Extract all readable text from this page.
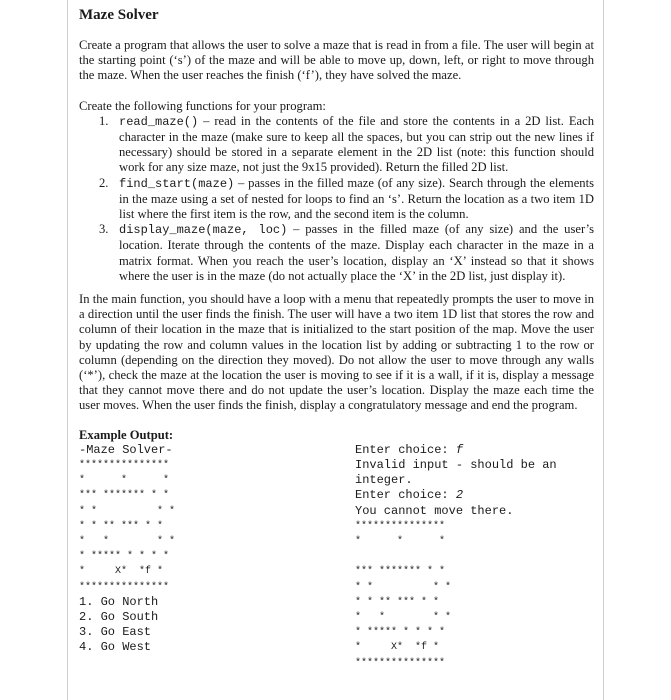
Maze Solver

Create a program that allows the user to solve a maze that is read in from a file. The user will begin at the starting point (‘s’) of the maze and will be able to move up, down, left, or right to move through the maze. When the user reaches the finish (‘f’), they have solved the maze.

Create the following functions for your program:

1. read_maze() – read in the contents of the file and store the contents in a 2D list. Each character in the maze (make sure to keep all the spaces, but you can strip out the new lines if necessary) should be stored in a separate element in the 2D list (note: this function should work for any size maze, not just the 9x15 provided). Return the filled 2D list.
2. find_start(maze) – passes in the filled maze (of any size). Search through the elements in the maze using a set of nested for loops to find an ‘s’. Return the location as a two item 1D list where the first item is the row, and the second item is the column.
3. display_maze(maze, loc) – passes in the filled maze (of any size) and the user’s location. Iterate through the contents of the maze. Display each character in the maze in a matrix format. When you reach the user’s location, display an ‘X’ instead so that it shows where the user is in the maze (do not actually place the ‘X’ in the 2D list, just display it).

In the main function, you should have a loop with a menu that repeatedly prompts the user to move in a direction until the user finds the finish. The user will have a two item 1D list that stores the row and column of their location in the maze that is initialized to the start position of the map. Move the user by updating the row and column values in the location list by adding or subtracting 1 to the row or column (depending on the direction they moved). Do not allow the user to move through any walls (‘*’), check the maze at the location the user is moving to see if it is a wall, if it is, display a message that they cannot move there and do not update the user’s location. Display the maze each time the user moves. When the user finds the finish, display a congratulatory message and end the program.

Example Output:
-Maze Solver-
***************
*      *      *
*** ******* * *
* *          * *
* * ** *** * *
*   *        * *
* ***** * * * *
*     X*  *f *
***************
1. Go North
2. Go South
3. Go East
4. Go West
Enter choice: f
Invalid input - should be an
integer.
Enter choice: 2
You cannot move there.
***************
*      *      *
*** ******* * *
* *          * *
* * ** *** * *
*   *        * *
* ***** * * * *
*     X*  *f *
***************
